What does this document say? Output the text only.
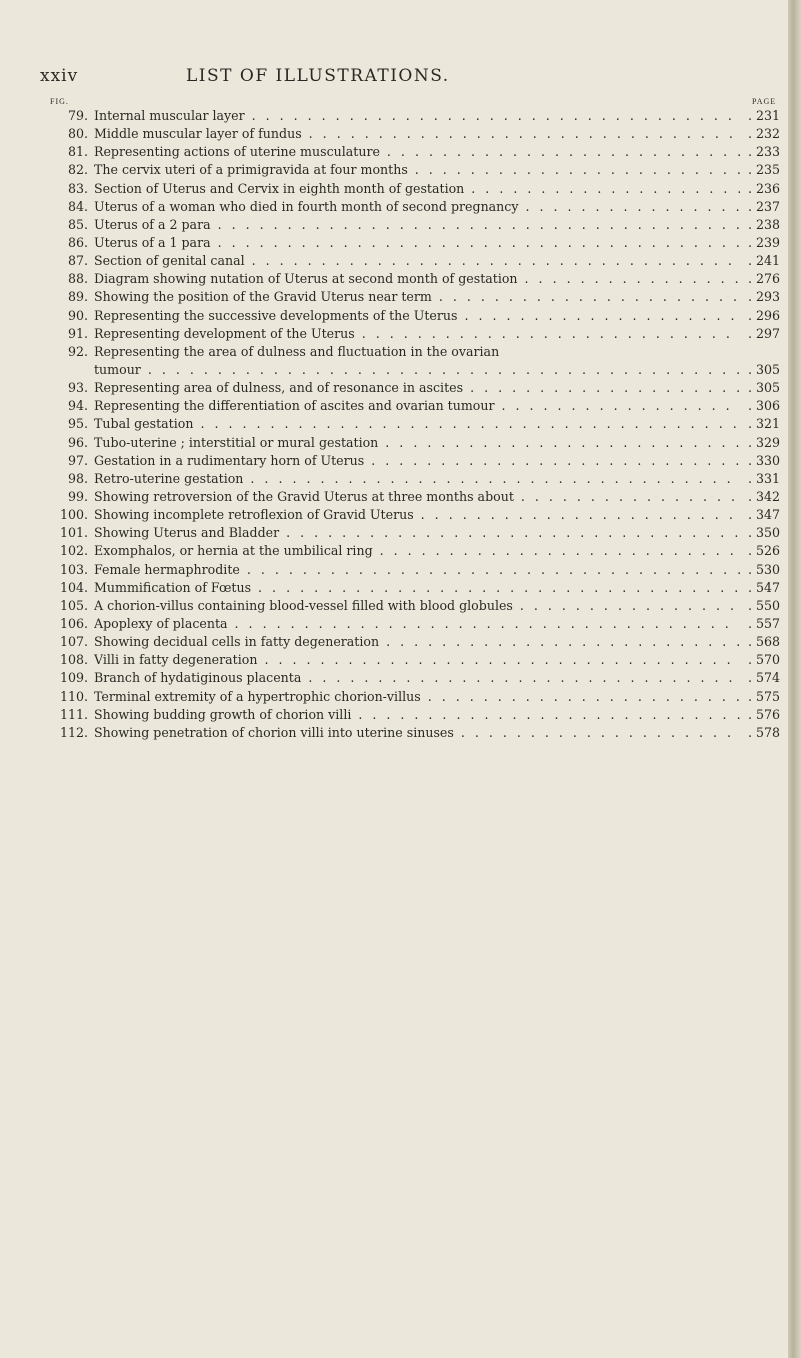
xxiv	LIST OF ILLUSTRATIONS.
FIG.	PAGE
79. Internal muscular layer . . .	. 231
80. Middle muscular layer of fundus . . .	. 232
81. Representing actions of uterine musculature . . .	. 233
82. The cervix uteri of a primigravida at four months . . .	. 235
83. Section of Uterus and Cervix in eighth month of gestation . . .	. 236
84. Uterus of a woman who died in fourth month of second pregnancy . . .	. 237
85. Uterus of a 2 para . . .	. 238
86. Uterus of a 1 para . . .	. 239
87. Section of genital canal . . .	. 241
88. Diagram showing nutation of Uterus at second month of gestation . . .	. 276
89. Showing the position of the Gravid Uterus near term . . .	. 293
90. Representing the successive developments of the Uterus . . .	. 296
91. Representing development of the Uterus . . .	. 297
92. Representing the area of dulness and fluctuation in the ovarian
tumour . . .	. 305
93. Representing area of dulness, and of resonance in ascites . . .	. 305
94. Representing the differentiation of ascites and ovarian tumour . . .	. 306
95. Tubal gestation . . .	. 321
96. Tubo-uterine ; interstitial or mural gestation . . .	. 329
97. Gestation in a rudimentary horn of Uterus . . .	. 330
98. Retro-uterine gestation . . .	. 331
99. Showing retroversion of the Gravid Uterus at three months about . . .	. 342
100. Showing incomplete retroflexion of Gravid Uterus . . .	. 347
101. Showing Uterus and Bladder . . .	. 350
102. Exomphalos, or hernia at the umbilical ring . . .	. 526
103. Female hermaphrodite . . .	. 530
104. Mummification of Fœtus . . .	. 547
105. A chorion-villus containing blood-vessel filled with blood globules . . .	. 550
106. Apoplexy of placenta . . .	. 557
107. Showing decidual cells in fatty degeneration . . .	. 568
108. Villi in fatty degeneration . . .	. 570
109. Branch of hydatiginous placenta . . .	. 574
110. Terminal extremity of a hypertrophic chorion-villus . . .	. 575
111. Showing budding growth of chorion villi . . .	. 576
112. Showing penetration of chorion villi into uterine sinuses . . .	. 578
